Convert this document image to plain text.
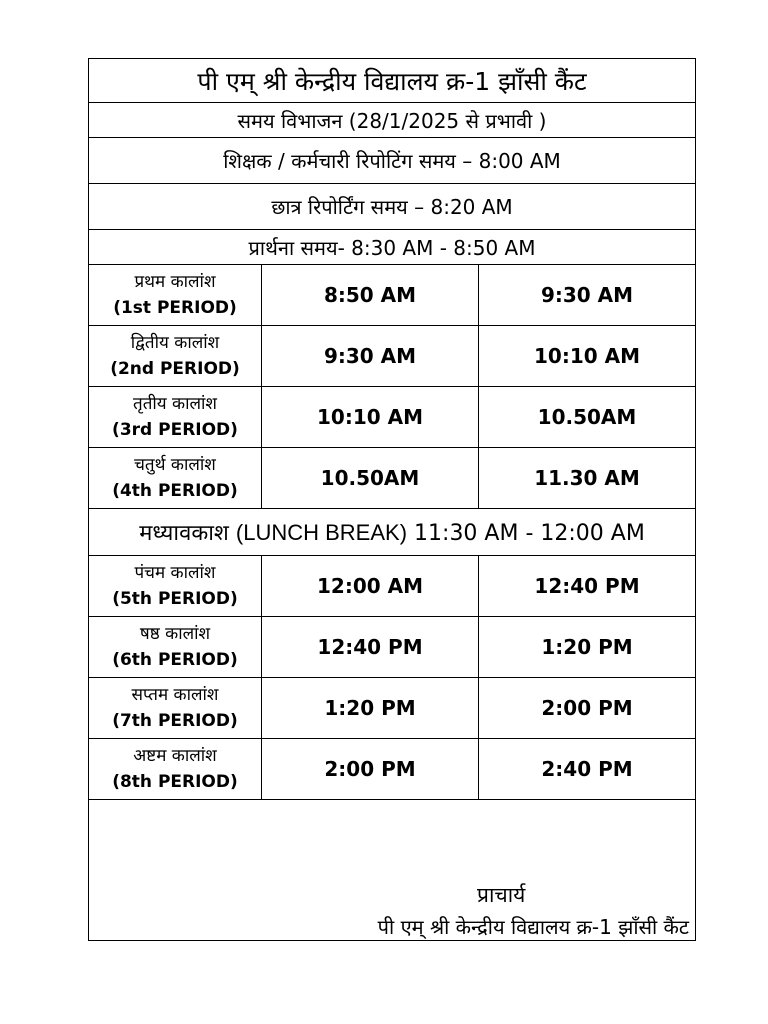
पी एम् श्री केन्द्रीय विद्यालय क्र-1 झाँसी कैंट		
समय विभाजन (28/1/2025 से प्रभावी )		
शिक्षक / कर्मचारी रिपोटिंग समय – 8:00 AM		
छात्र रिपोर्टिंग समय – 8:20 AM		
प्रार्थना समय- 8:30 AM - 8:50 AM		

प्रथम कालांश
(1st PERIOD)	8:50 AM	9:30 AM

द्वितीय कालांश
(2nd PERIOD)	9:30 AM	10:10 AM

तृतीय कालांश
(3rd PERIOD)	10:10 AM	10.50AM

चतुर्थ कालांश
(4th PERIOD)	10.50AM	11.30 AM
मध्यावकाश (LUNCH BREAK) 11:30 AM - 12:00 AM		

पंचम कालांश
(5th PERIOD)	12:00 AM	12:40 PM

षष्ठ कालांश
(6th PERIOD)	12:40 PM	1:20 PM

सप्तम कालांश
(7th PERIOD)	1:20 PM	2:00 PM

अष्टम कालांश
(8th PERIOD)	2:00 PM	2:40 PM
प्राचार्य
पी एम् श्री केन्द्रीय विद्यालय क्र-1 झाँसी कैंट
